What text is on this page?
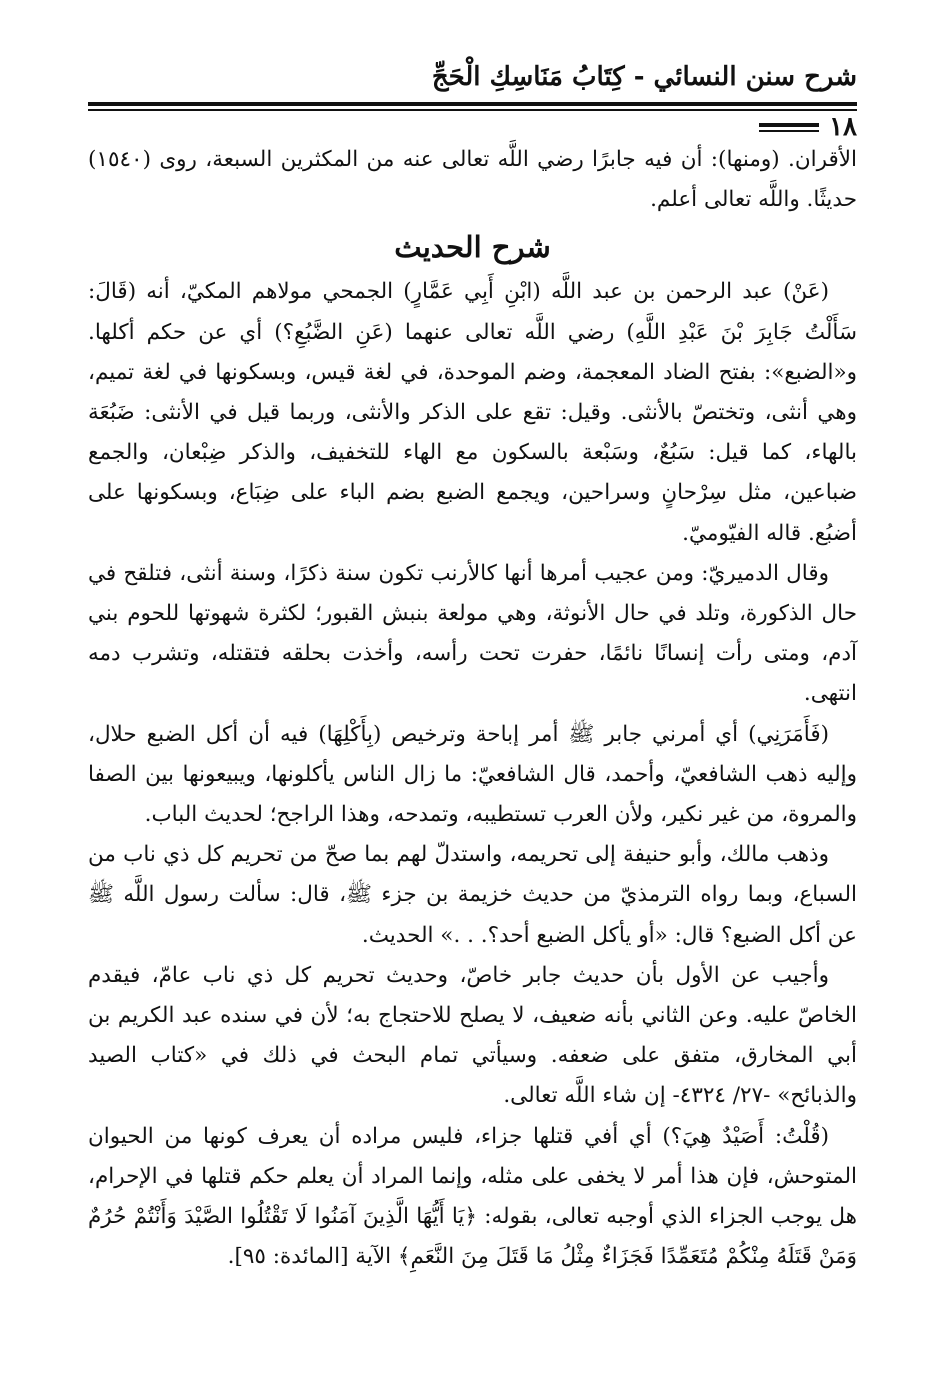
شرح سنن النسائي - كِتَابُ مَنَاسِكِ الْحَجِّ
١٨

الأقران. (ومنها): أن فيه جابرًا رضي اللَّه تعالى عنه من المكثرين السبعة، روى (١٥٤٠) حديثًا. واللَّه تعالى أعلم.

شرح الحديث

(عَنْ) عبد الرحمن بن عبد اللَّه (ابْنِ أَبِي عَمَّارٍ) الجمحي مولاهم المكيّ، أنه (قَالَ: سَأَلْتُ جَابِرَ بْنَ عَبْدِ اللَّهِ) رضي اللَّه تعالى عنهما (عَنِ الضَّبُعِ؟) أي عن حكم أكلها. و«الضبع»: بفتح الضاد المعجمة، وضم الموحدة، في لغة قيس، وبسكونها في لغة تميم، وهي أنثى، وتختصّ بالأنثى. وقيل: تقع على الذكر والأنثى، وربما قيل في الأنثى: ضَبُعَة بالهاء، كما قيل: سَبُعٌ، وسَبْعة بالسكون مع الهاء للتخفيف، والذكر ضِبْعان، والجمع ضباعين، مثل سِرْحانٍ وسراحين، ويجمع الضبع بضم الباء على ضِبَاع، وبسكونها على أضبُع. قاله الفيّوميّ.

وقال الدميريّ: ومن عجيب أمرها أنها كالأرنب تكون سنة ذكرًا، وسنة أنثى، فتلقح في حال الذكورة، وتلد في حال الأنوثة، وهي مولعة بنبش القبور؛ لكثرة شهوتها للحوم بني آدم، ومتى رأت إنسانًا نائمًا، حفرت تحت رأسه، وأخذت بحلقه فتقتله، وتشرب دمه انتهى.

(فَأَمَرَنِي) أي أمرني جابر ﷺ أمر إباحة وترخيص (بِأَكْلِهَا) فيه أن أكل الضبع حلال، وإليه ذهب الشافعيّ، وأحمد، قال الشافعيّ: ما زال الناس يأكلونها، ويبيعونها بين الصفا والمروة، من غير نكير، ولأن العرب تستطيبه، وتمدحه، وهذا الراجح؛ لحديث الباب.

وذهب مالك، وأبو حنيفة إلى تحريمه، واستدلّ لهم بما صحّ من تحريم كل ذي ناب من السباع، وبما رواه الترمذيّ من حديث خزيمة بن جزء ﷺ، قال: سألت رسول اللَّه ﷺ عن أكل الضبع؟ قال: «أو يأكل الضبع أحد؟. . .» الحديث.

وأجيب عن الأول بأن حديث جابر خاصّ، وحديث تحريم كل ذي ناب عامّ، فيقدم الخاصّ عليه. وعن الثاني بأنه ضعيف، لا يصلح للاحتجاج به؛ لأن في سنده عبد الكريم بن أبي المخارق، متفق على ضعفه. وسيأتي تمام البحث في ذلك في «كتاب الصيد والذبائح» -٢٧/ ٤٣٢٤- إن شاء اللَّه تعالى.

(قُلْتُ: أَصَيْدٌ هِيَ؟) أي أفي قتلها جزاء، فليس مراده أن يعرف كونها من الحيوان المتوحش، فإن هذا أمر لا يخفى على مثله، وإنما المراد أن يعلم حكم قتلها في الإحرام، هل يوجب الجزاء الذي أوجبه تعالى، بقوله: ﴿يَا أَيُّهَا الَّذِينَ آمَنُوا لَا تَقْتُلُوا الصَّيْدَ وَأَنْتُمْ حُرُمٌ وَمَنْ قَتَلَهُ مِنْكُمْ مُتَعَمِّدًا فَجَزَاءٌ مِثْلُ مَا قَتَلَ مِنَ النَّعَمِ﴾ الآية [المائدة: ٩٥].
